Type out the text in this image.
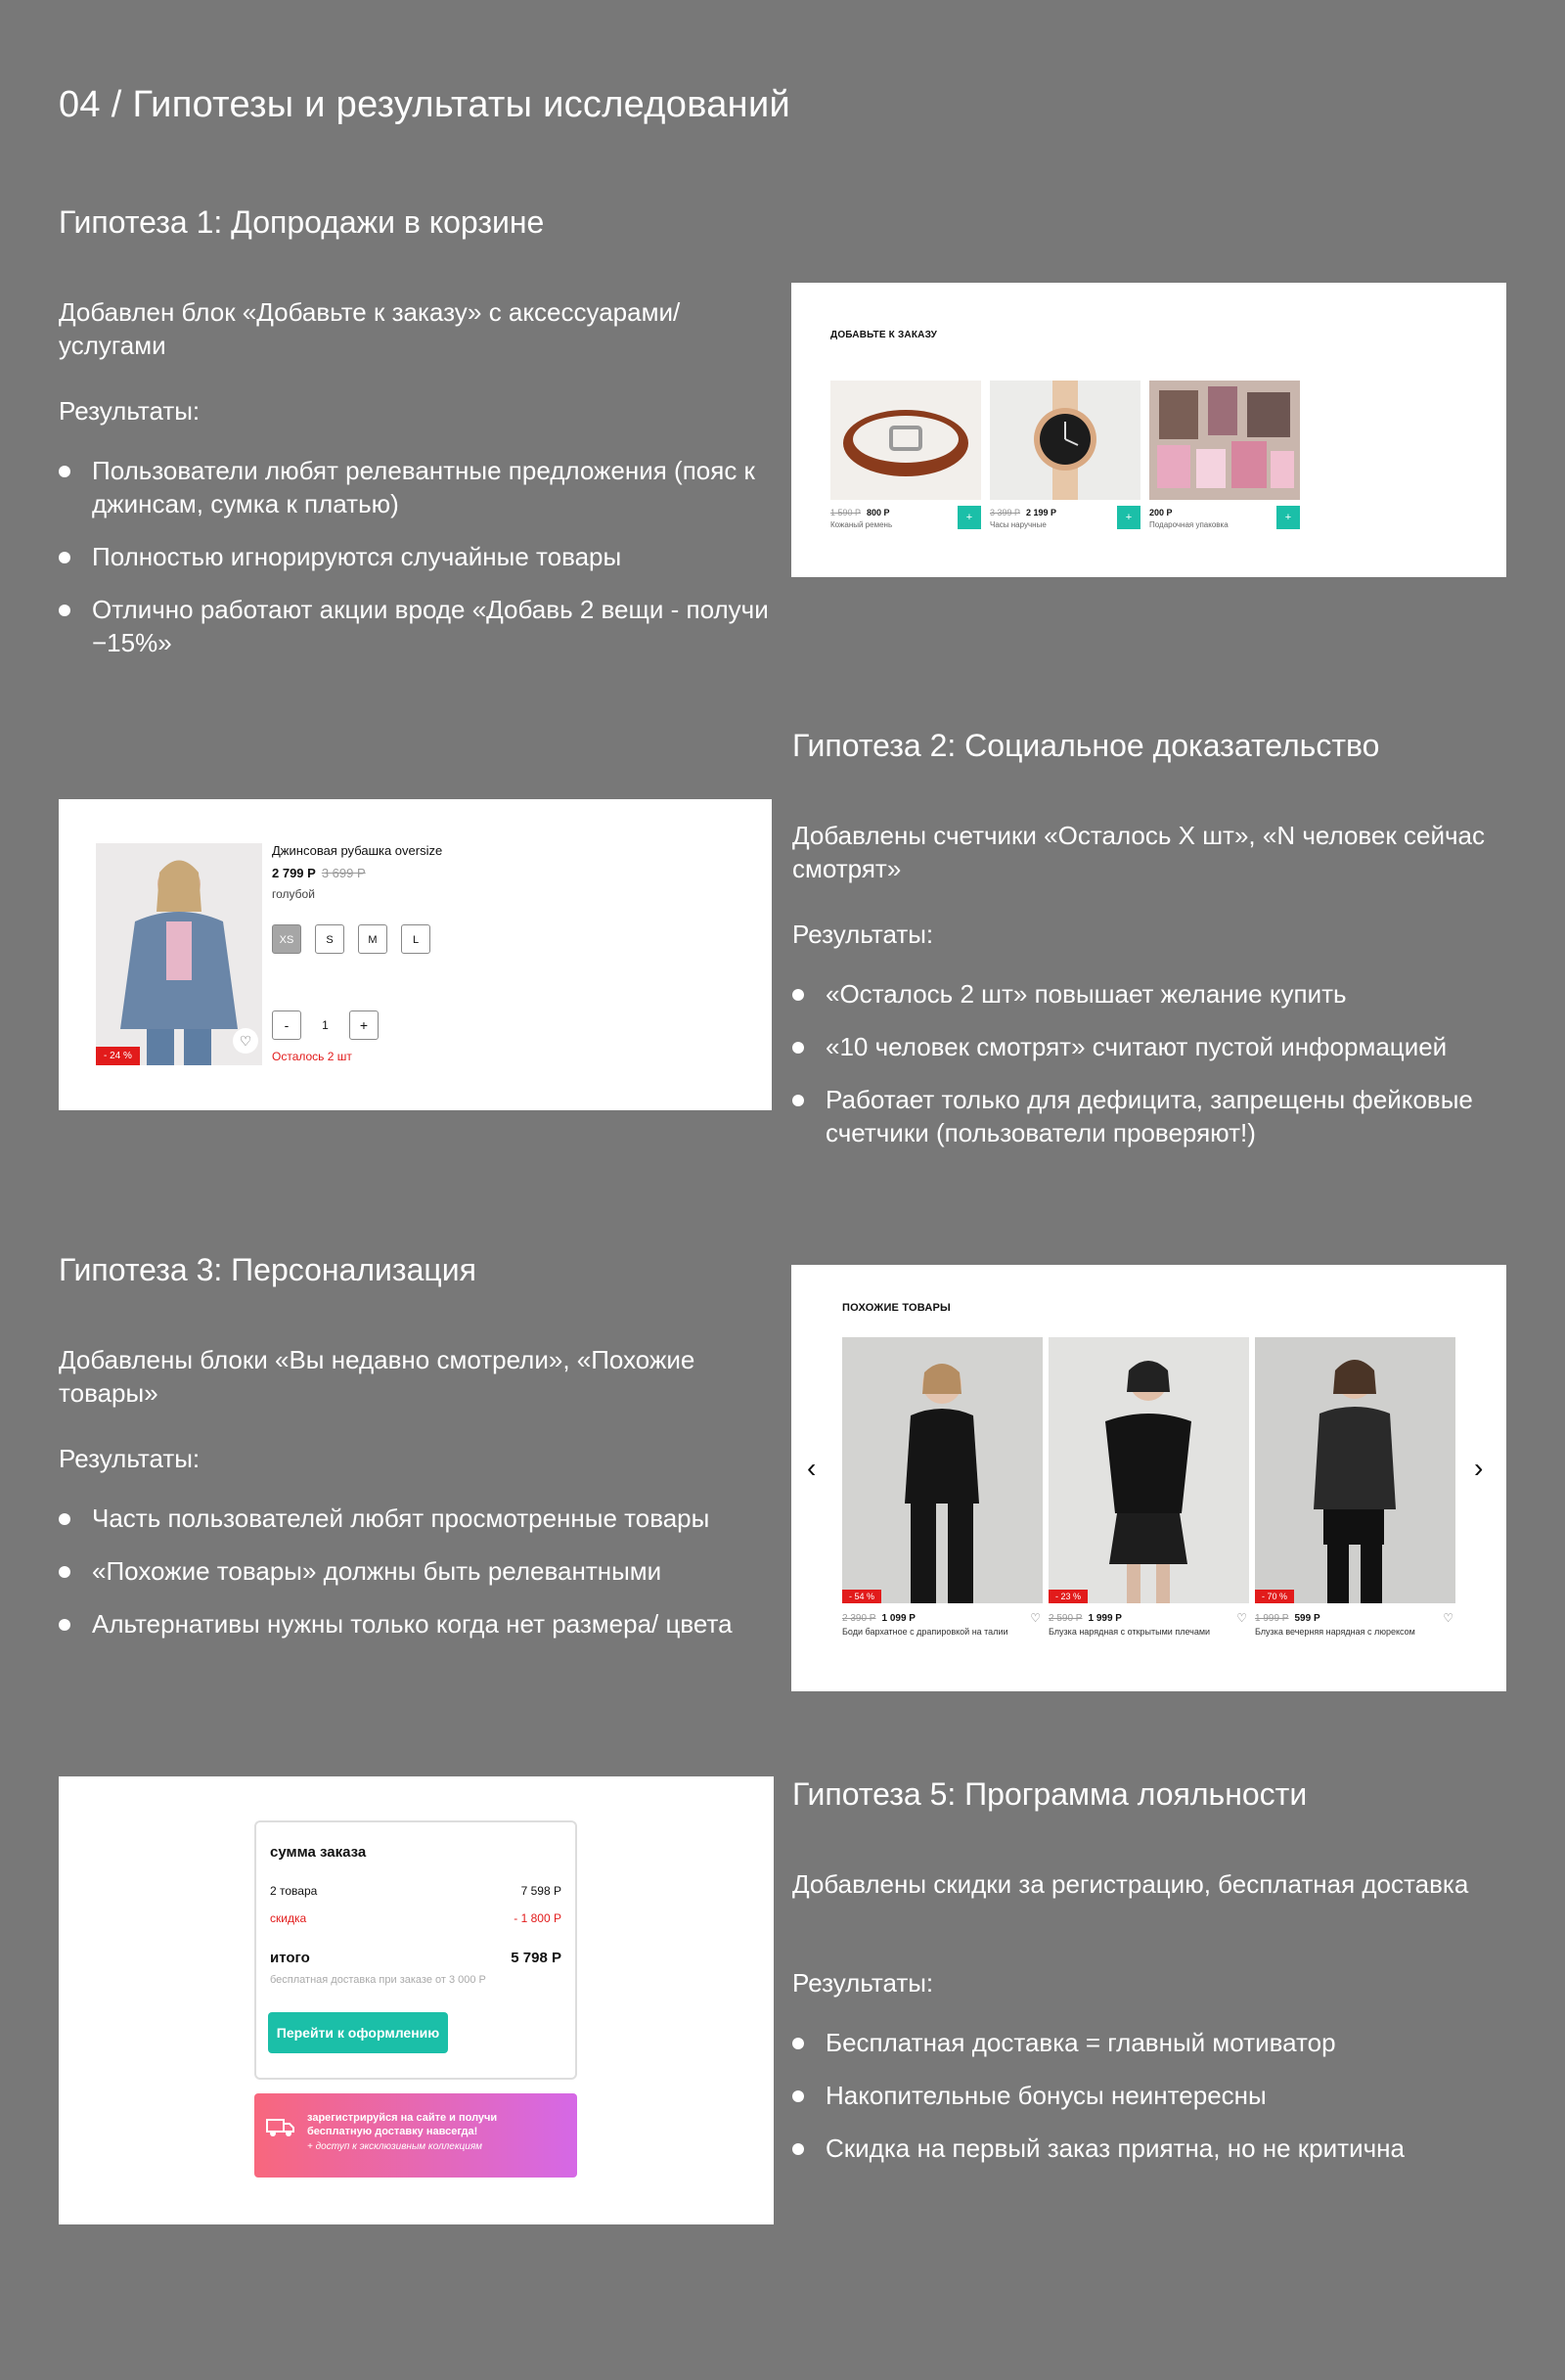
04 / Гипотезы и результаты исследований
Гипотеза 1: Допродажи в корзине
Добавлен блок «Добавьте к заказу» с аксессуарами/ услугами
Результаты:
Пользователи любят релевантные предложения (пояс к джинсам, сумка к платью)
Полностью игнорируются случайные товары
Отлично работают акции вроде «Добавь 2 вещи - получи −15%»
ДОБАВЬТЕ К ЗАКАЗУ
1 590 Р 800 Р
Кожаный ремень
+	3 399 Р 2 199 Р
Часы наручные
+	200 Р
Подарочная упаковка
+
- 24 %
♡
Джинсовая рубашка oversize
2 799 Р 3 699 Р
голубой
XS	S	M	L
-	1 +
Осталось 2 шт
Гипотеза 2: Социальное доказательство
Добавлены счетчики «Осталось Х шт», «N человек сейчас смотрят»
Результаты:
«Осталось 2 шт» повышает желание купить
«10 человек смотрят» считают пустой информацией
Работает только для дефицита, запрещены фейковые счетчики (пользователи проверяют!)
Гипотеза 3: Персонализация
Добавлены блоки «Вы недавно смотрели», «Похожие товары»
Результаты:
Часть пользователей любят просмотренные товары
«Похожие товары» должны быть релевантными
Альтернативы нужны только когда нет размера/ цвета
ПОХОЖИЕ ТОВАРЫ
‹	›
- 54 %
2 390 Р 1 099 Р	♡
Боди бархатное с драпировкой на талии
- 23 %
2 590 Р 1 999 Р	♡
Блузка нарядная с открытыми плечами
- 70 %
1 999 Р 599 Р	♡
Блузка вечерняя нарядная с люрексом
сумма заказа
2 товара	7 598 Р
скидка	- 1 800 Р
итого	5 798 Р
бесплатная доставка при заказе от 3 000 Р
Перейти к оформлению
зарегистрируйся на сайте и получи
бесплатную доставку навсегда!
+ доступ к эксклюзивным коллекциям
Гипотеза 5: Программа лояльности
Добавлены скидки за регистрацию, бесплатная доставка
Результаты:
Бесплатная доставка = главный мотиватор
Накопительные бонусы неинтересны
Скидка на первый заказ приятна, но не критична
